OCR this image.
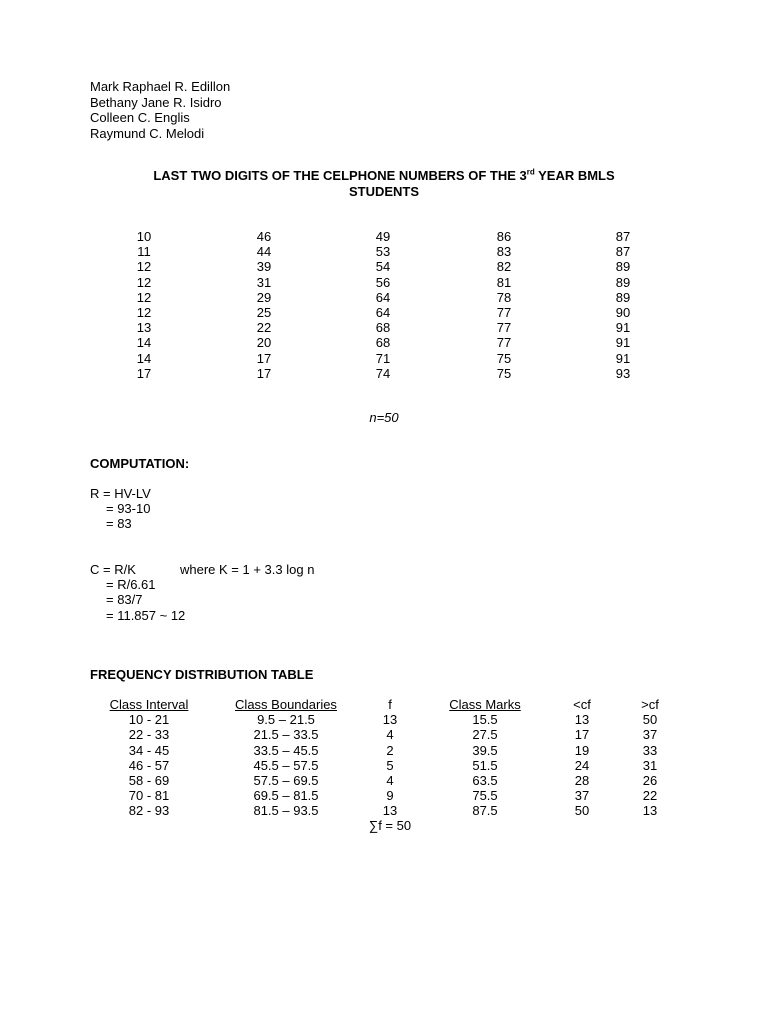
Mark Raphael R. Edillon
Bethany Jane R. Isidro
Colleen C. Englis
Raymund C. Melodi
LAST TWO DIGITS OF THE CELPHONE NUMBERS OF THE 3rd YEAR BMLS
STUDENTS
10
11
12
12
12
12
13
14
14
17
46
44
39
31
29
25
22
20
17
17
49
53
54
56
64
64
68
68
71
74
86
83
82
81
78
77
77
77
75
75
87
87
89
89
89
90
91
91
91
93
n=50
COMPUTATION:
R = HV-LV
= 93-10
= 83
C = R/K
= R/6.61
= 83/7
= 11.857 ~ 12
where K = 1 + 3.3 log n
FREQUENCY DISTRIBUTION TABLE
Class Interval
10 - 21
22 - 33
34 - 45
46 - 57
58 - 69
70 - 81
82 - 93
Class Boundaries
9.5 – 21.5
21.5 – 33.5
33.5 – 45.5
45.5 – 57.5
57.5 – 69.5
69.5 – 81.5
81.5 – 93.5
f
13
4
2
5
4
9
13
Class Marks
15.5
27.5
39.5
51.5
63.5
75.5
87.5
<cf
13
17
19
24
28
37
50
>cf
50
37
33
31
26
22
13
∑f = 50
